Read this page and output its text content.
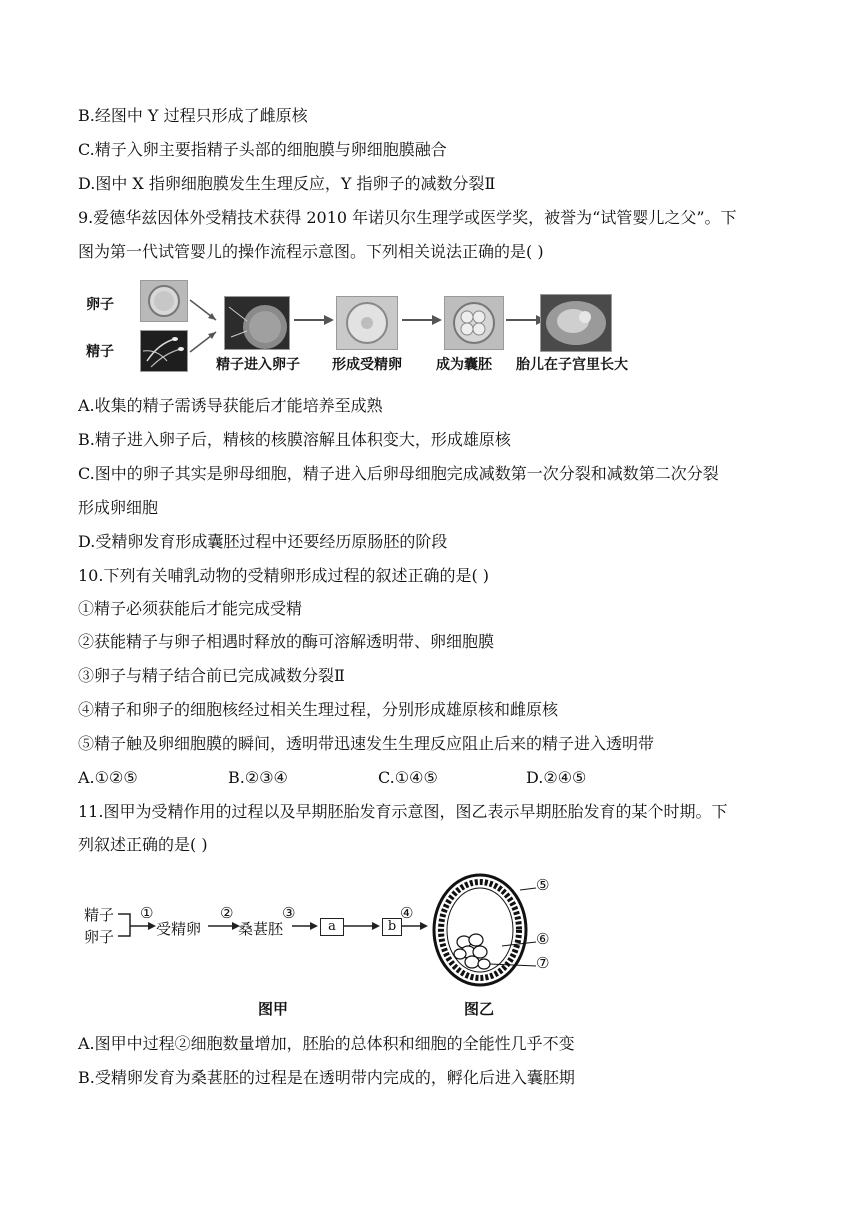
B.经图中 Y 过程只形成了雌原核
C.精子入卵主要指精子头部的细胞膜与卵细胞膜融合
D.图中 X 指卵细胞膜发生生理反应，Y 指卵子的减数分裂Ⅱ
9.爱德华兹因体外受精技术获得 2010 年诺贝尔生理学或医学奖，被誉为“试管婴儿之父”。下
图为第一代试管婴儿的操作流程示意图。下列相关说法正确的是( )
卵子
精子
精子进入卵子 形成受精卵 成为囊胚 胎儿在子宫里长大
A.收集的精子需诱导获能后才能培养至成熟
B.精子进入卵子后，精核的核膜溶解且体积变大，形成雄原核
C.图中的卵子其实是卵母细胞，精子进入后卵母细胞完成减数第一次分裂和减数第二次分裂
形成卵细胞
D.受精卵发育形成囊胚过程中还要经历原肠胚的阶段
10.下列有关哺乳动物的受精卵形成过程的叙述正确的是( )
①精子必须获能后才能完成受精
②获能精子与卵子相遇时释放的酶可溶解透明带、卵细胞膜
③卵子与精子结合前已完成减数分裂Ⅱ
④精子和卵子的细胞核经过相关生理过程，分别形成雄原核和雌原核
⑤精子触及卵细胞膜的瞬间，透明带迅速发生生理反应阻止后来的精子进入透明带
A.①②⑤	B.②③④	C.①④⑤	D.②④⑤
11.图甲为受精作用的过程以及早期胚胎发育示意图，图乙表示早期胚胎发育的某个时期。下
列叙述正确的是( )
精子
卵子
①
受精卵
②
桑葚胚
③
a	b
④
⑤
⑥
⑦
图甲	图乙
A.图甲中过程②细胞数量增加，胚胎的总体积和细胞的全能性几乎不变
B.受精卵发育为桑葚胚的过程是在透明带内完成的，孵化后进入囊胚期
